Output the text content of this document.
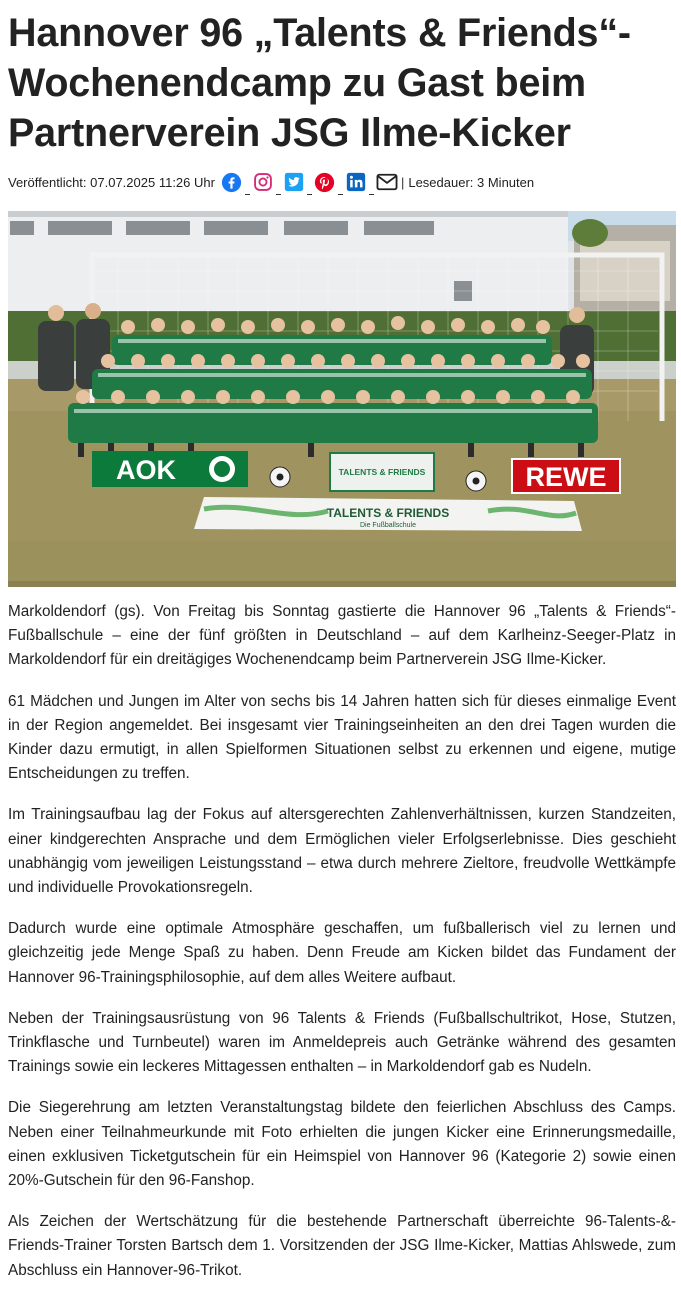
Hannover 96 „Talents & Friends“-Wochenendcamp zu Gast beim Partnerverein JSG Ilme-Kicker
Veröffentlicht: 07.07.2025 11:26 Uhr	| Lesedauer: 3 Minuten
AOK	TALENTS & FRIENDS	REWE
TALENTS & FRIENDS
Die Fußballschule

Markoldendorf (gs). Von Freitag bis Sonntag gastierte die Hannover 96 „Talents & Friends“-Fußballschule – eine der fünf größten in Deutschland – auf dem Karlheinz-Seeger-Platz in Markoldendorf für ein dreitägiges Wochenendcamp beim Partnerverein JSG Ilme-Kicker.

61 Mädchen und Jungen im Alter von sechs bis 14 Jahren hatten sich für dieses einmalige Event in der Region angemeldet. Bei insgesamt vier Trainingseinheiten an den drei Tagen wurden die Kinder dazu ermutigt, in allen Spielformen Situationen selbst zu erkennen und eigene, mutige Entscheidungen zu treffen.

Im Trainingsaufbau lag der Fokus auf altersgerechten Zahlenverhältnissen, kurzen Standzeiten, einer kindgerechten Ansprache und dem Ermöglichen vieler Erfolgserlebnisse. Dies geschieht unabhängig vom jeweiligen Leistungsstand – etwa durch mehrere Zieltore, freudvolle Wettkämpfe und individuelle Provokationsregeln.

Dadurch wurde eine optimale Atmosphäre geschaffen, um fußballerisch viel zu lernen und gleichzeitig jede Menge Spaß zu haben. Denn Freude am Kicken bildet das Fundament der Hannover 96-Trainingsphilosophie, auf dem alles Weitere aufbaut.

Neben der Trainingsausrüstung von 96 Talents & Friends (Fußballschultrikot, Hose, Stutzen, Trinkflasche und Turnbeutel) waren im Anmeldepreis auch Getränke während des gesamten Trainings sowie ein leckeres Mittagessen enthalten – in Markoldendorf gab es Nudeln.

Die Siegerehrung am letzten Veranstaltungstag bildete den feierlichen Abschluss des Camps. Neben einer Teilnahmeurkunde mit Foto erhielten die jungen Kicker eine Erinnerungsmedaille, einen exklusiven Ticketgutschein für ein Heimspiel von Hannover 96 (Kategorie 2) sowie einen 20%-Gutschein für den 96-Fanshop.

Als Zeichen der Wertschätzung für die bestehende Partnerschaft überreichte 96-Talents-&-Friends-Trainer Torsten Bartsch dem 1. Vorsitzenden der JSG Ilme-Kicker, Mattias Ahlswede, zum Abschluss ein Hannover-96-Trikot.
